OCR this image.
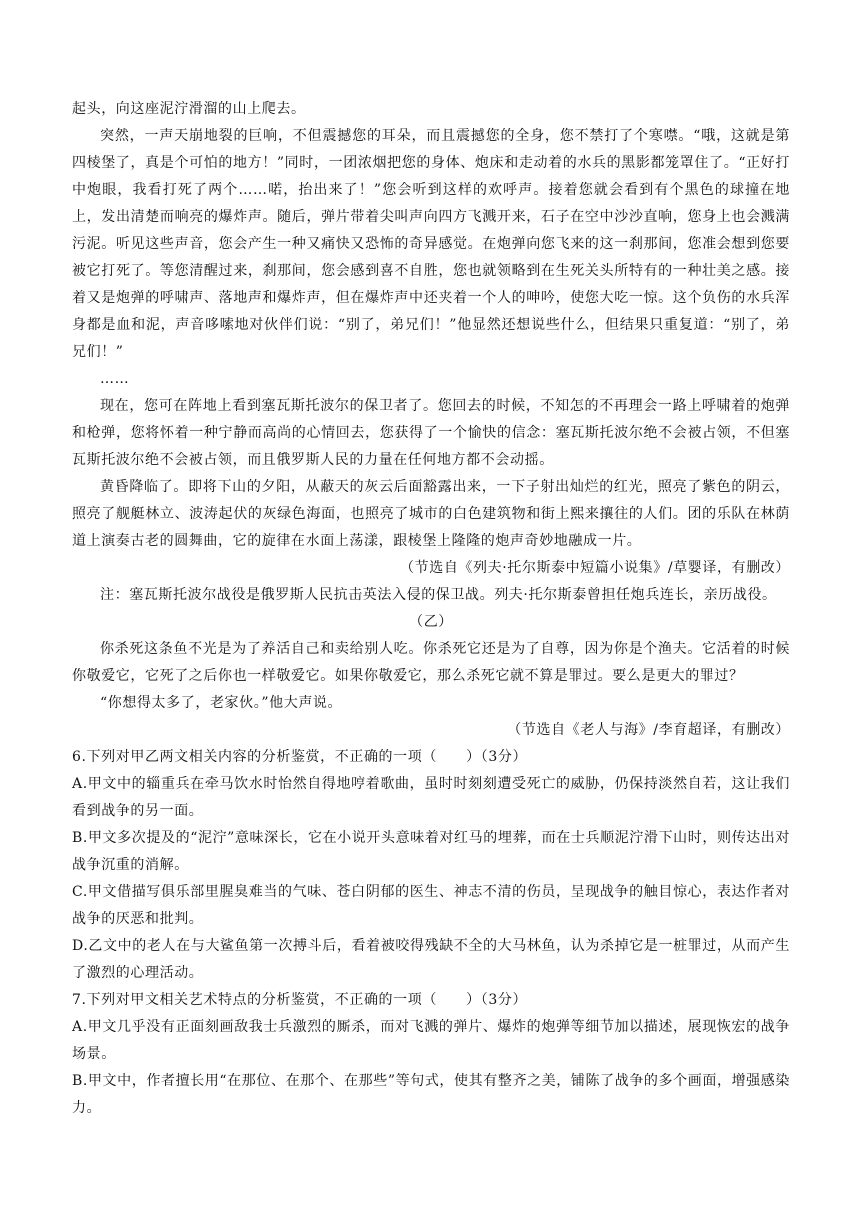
起头，向这座泥泞滑溜的山上爬去。

突然，一声天崩地裂的巨响，不但震撼您的耳朵，而且震撼您的全身，您不禁打了个寒噤。“哦，这就是第四棱堡了，真是个可怕的地方！”同时，一团浓烟把您的身体、炮床和走动着的水兵的黑影都笼罩住了。“正好打中炮眼，我看打死了两个……喏，抬出来了！”您会听到这样的欢呼声。接着您就会看到有个黑色的球撞在地上，发出清楚而响亮的爆炸声。随后，弹片带着尖叫声向四方飞溅开来，石子在空中沙沙直响，您身上也会溅满污泥。听见这些声音，您会产生一种又痛快又恐怖的奇异感觉。在炮弹向您飞来的这一刹那间，您准会想到您要被它打死了。等您清醒过来，刹那间，您会感到喜不自胜，您也就领略到在生死关头所特有的一种壮美之感。接着又是炮弹的呼啸声、落地声和爆炸声，但在爆炸声中还夹着一个人的呻吟，使您大吃一惊。这个负伤的水兵浑身都是血和泥，声音哆嗦地对伙伴们说：“别了，弟兄们！”他显然还想说些什么，但结果只重复道：“别了，弟兄们！”

……

现在，您可在阵地上看到塞瓦斯托波尔的保卫者了。您回去的时候，不知怎的不再理会一路上呼啸着的炮弹和枪弹，您将怀着一种宁静而高尚的心情回去，您获得了一个愉快的信念：塞瓦斯托波尔绝不会被占领，不但塞瓦斯托波尔绝不会被占领，而且俄罗斯人民的力量在任何地方都不会动摇。

黄昏降临了。即将下山的夕阳，从蔽天的灰云后面豁露出来，一下子射出灿烂的红光，照亮了紫色的阴云，照亮了舰艇林立、波涛起伏的灰绿色海面，也照亮了城市的白色建筑物和街上熙来攘往的人们。团的乐队在林荫道上演奏古老的圆舞曲，它的旋律在水面上荡漾，跟棱堡上隆隆的炮声奇妙地融成一片。

（节选自《列夫·托尔斯泰中短篇小说集》/草婴译，有删改）

注：塞瓦斯托波尔战役是俄罗斯人民抗击英法入侵的保卫战。列夫·托尔斯泰曾担任炮兵连长，亲历战役。

（乙）

你杀死这条鱼不光是为了养活自己和卖给别人吃。你杀死它还是为了自尊，因为你是个渔夫。它活着的时候你敬爱它，它死了之后你也一样敬爱它。如果你敬爱它，那么杀死它就不算是罪过。要么是更大的罪过？

“你想得太多了，老家伙。”他大声说。

（节选自《老人与海》/李育超译，有删改）

6.下列对甲乙两文相关内容的分析鉴赏，不正确的一项（　　）（3分）

A.甲文中的辎重兵在牵马饮水时怡然自得地哼着歌曲，虽时时刻刻遭受死亡的威胁，仍保持淡然自若，这让我们看到战争的另一面。

B.甲文多次提及的“泥泞”意味深长，它在小说开头意味着对红马的埋葬，而在士兵顺泥泞滑下山时，则传达出对战争沉重的消解。

C.甲文借描写俱乐部里腥臭难当的气味、苍白阴郁的医生、神志不清的伤员，呈现战争的触目惊心，表达作者对战争的厌恶和批判。

D.乙文中的老人在与大鲨鱼第一次搏斗后，看着被咬得残缺不全的大马林鱼，认为杀掉它是一桩罪过，从而产生了激烈的心理活动。

7.下列对甲文相关艺术特点的分析鉴赏，不正确的一项（　　）（3分）

A.甲文几乎没有正面刻画敌我士兵激烈的厮杀，而对飞溅的弹片、爆炸的炮弹等细节加以描述，展现恢宏的战争场景。

B.甲文中，作者擅长用“在那位、在那个、在那些”等句式，使其有整齐之美，铺陈了战争的多个画面，增强感染力。
